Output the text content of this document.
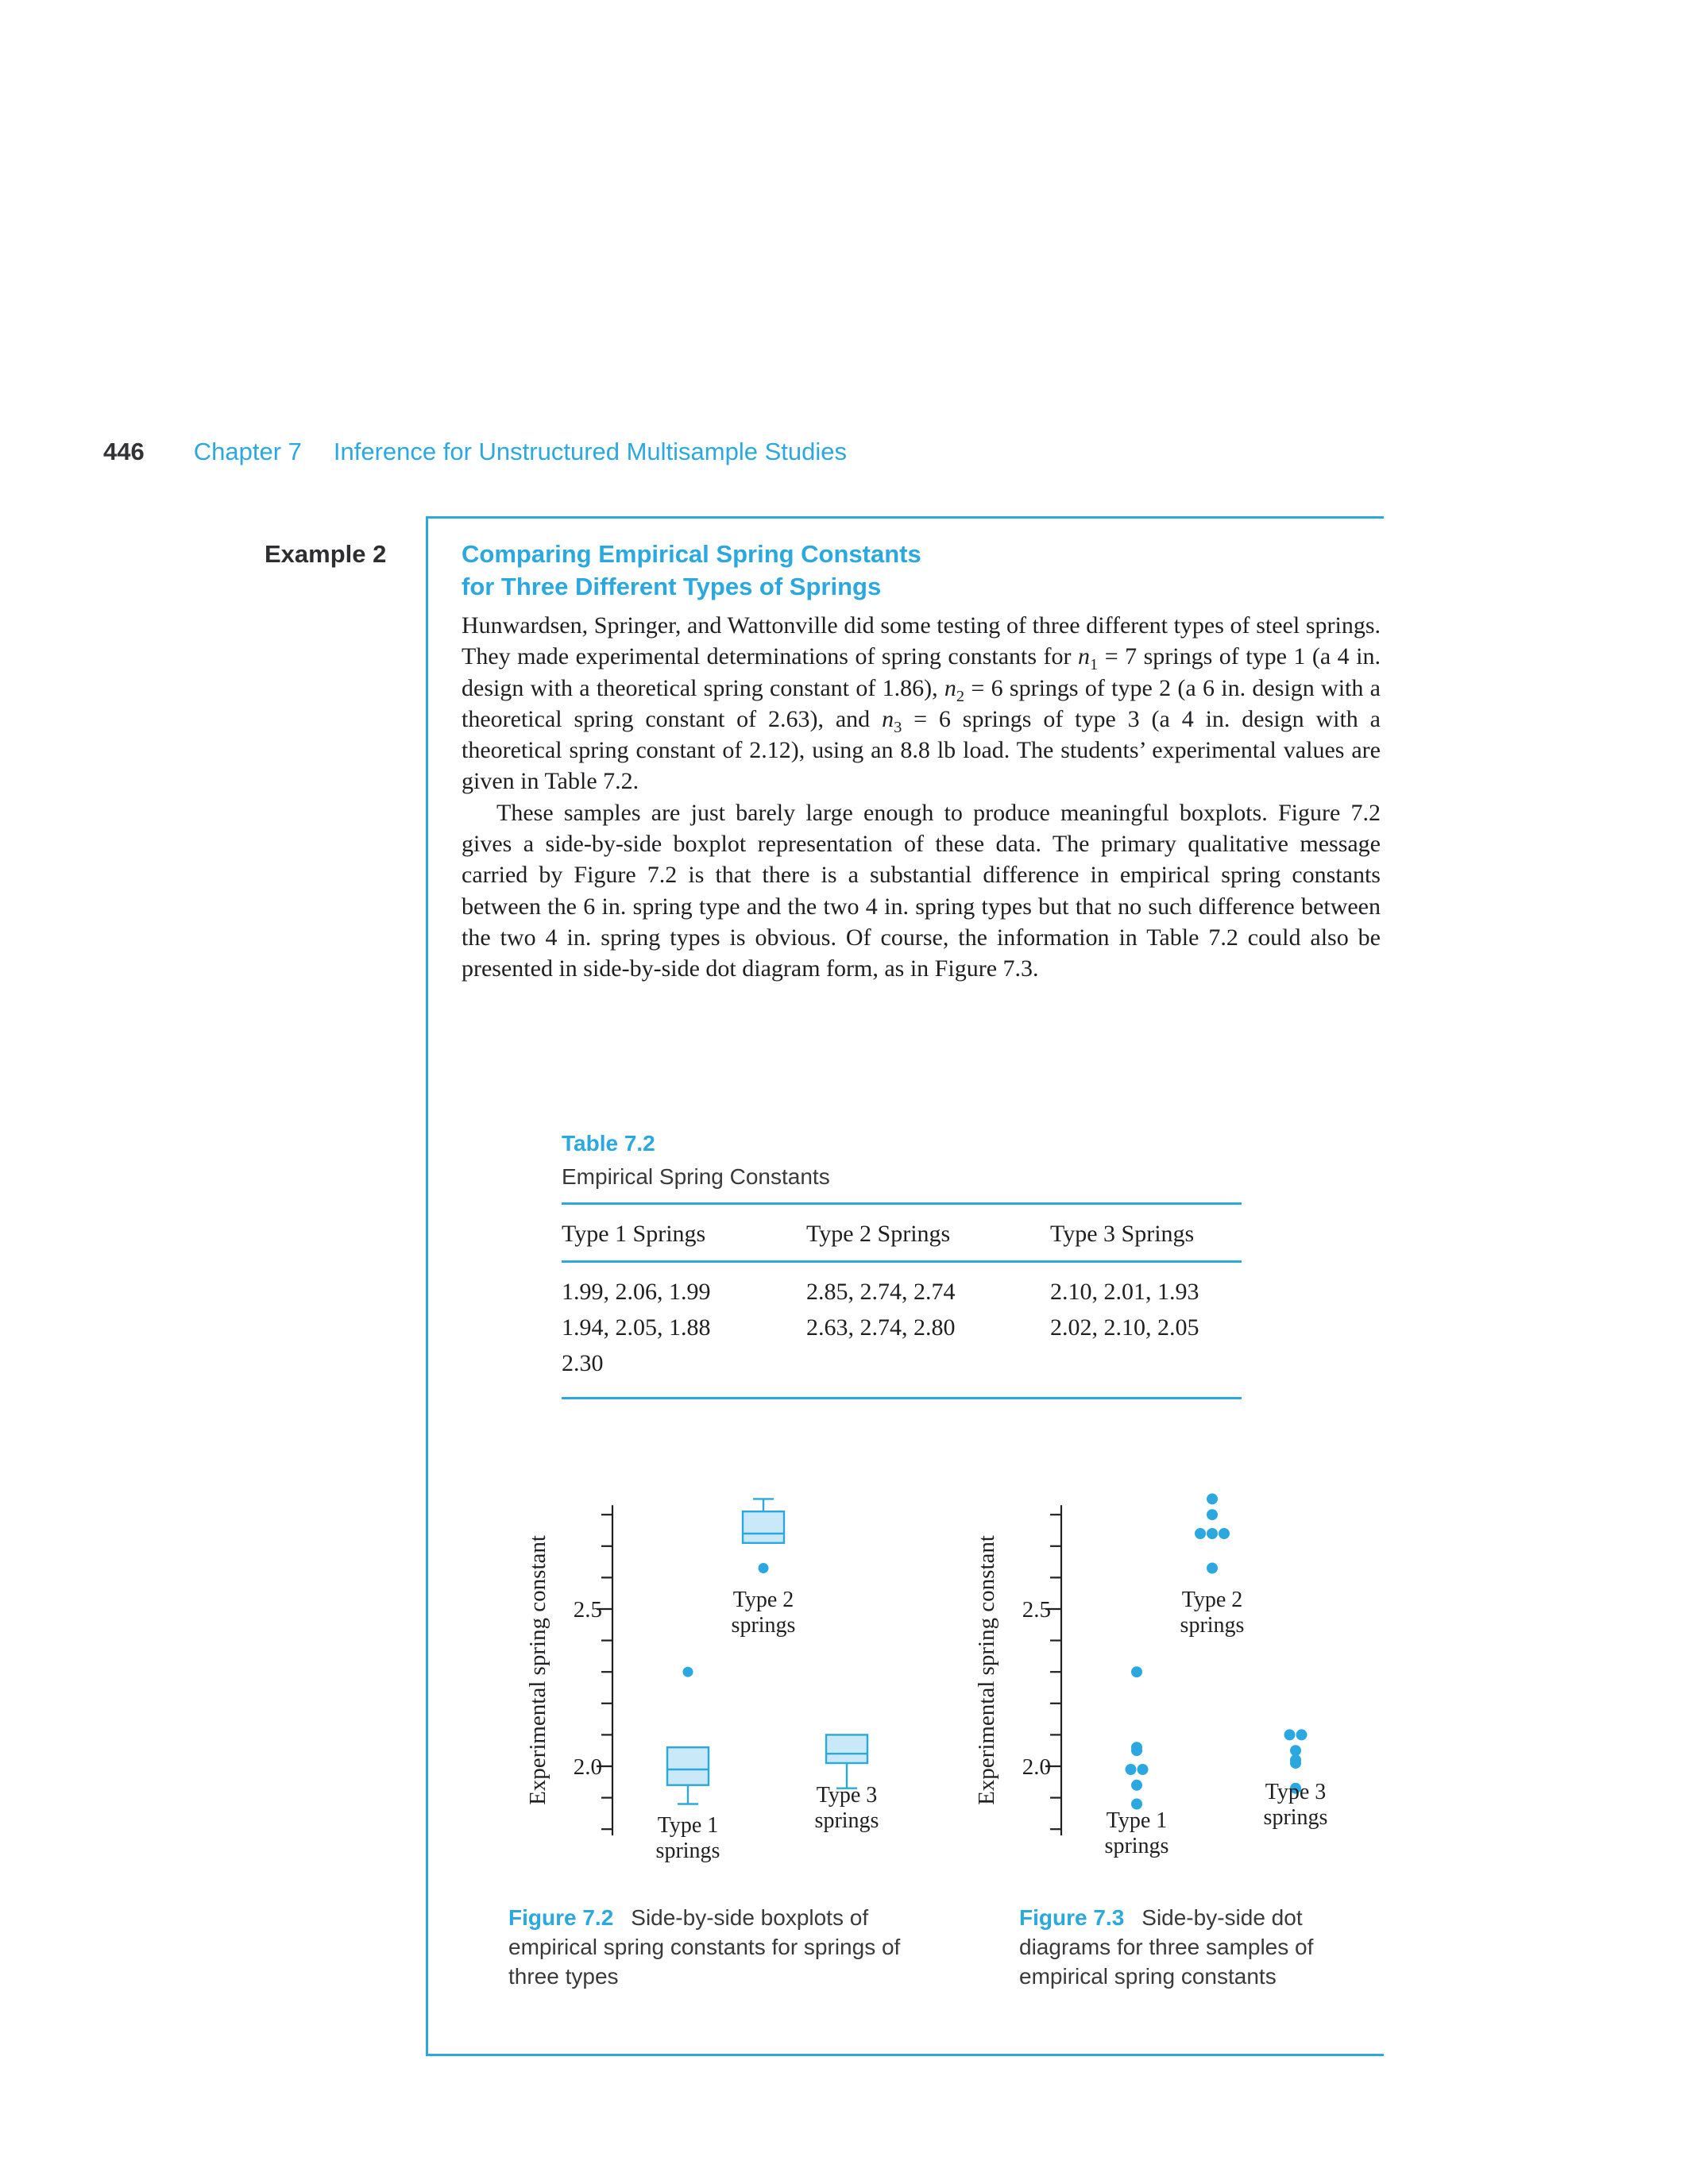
446 Chapter 7 Inference for Unstructured Multisample Studies
Example 2	Comparing Empirical Spring Constants
for Three Different Types of Springs

Hunwardsen, Springer, and Wattonville did some testing of three different types of steel springs. They made experimental determinations of spring constants for $n_1 = 7$ springs of type 1 (a 4 in. design with a theoretical spring constant of 1.86), $n_2 = 6$ springs of type 2 (a 6 in. design with a theoretical spring constant of 2.63), and $n_3 = 6$ springs of type 3 (a 4 in. design with a theoretical spring constant of 2.12), using an 8.8 lb load. The students’ experimental values are given in Table 7.2.

These samples are just barely large enough to produce meaningful boxplots. Figure 7.2 gives a side-by-side boxplot representation of these data. The primary qualitative message carried by Figure 7.2 is that there is a substantial difference in empirical spring constants between the 6 in. spring type and the two 4 in. spring types but that no such difference between the two 4 in. spring types is obvious. Of course, the information in Table 7.2 could also be presented in side-by-side dot diagram form, as in Figure 7.3.

Table 7.2
Empirical Spring Constants
Type 1 Springs	Type 2 Springs	Type 3 Springs
1.99, 2.06, 1.99	2.85, 2.74, 2.74	2.10, 2.01, 1.93
1.94, 2.05, 1.88	2.63, 2.74, 2.80	2.02, 2.10, 2.05
2.30
2.0
2.5
Experimental spring constant
Type 1
springs
Type 2
springs
Type 3
springs
2.0
2.5
Experimental spring constant
Type 1
springs
Type 2
springs
Type 3
springs
Figure 7.2 Side-by-side boxplots of empirical spring constants for springs of three types
Figure 7.3 Side-by-side dot diagrams for three samples of empirical spring constants
